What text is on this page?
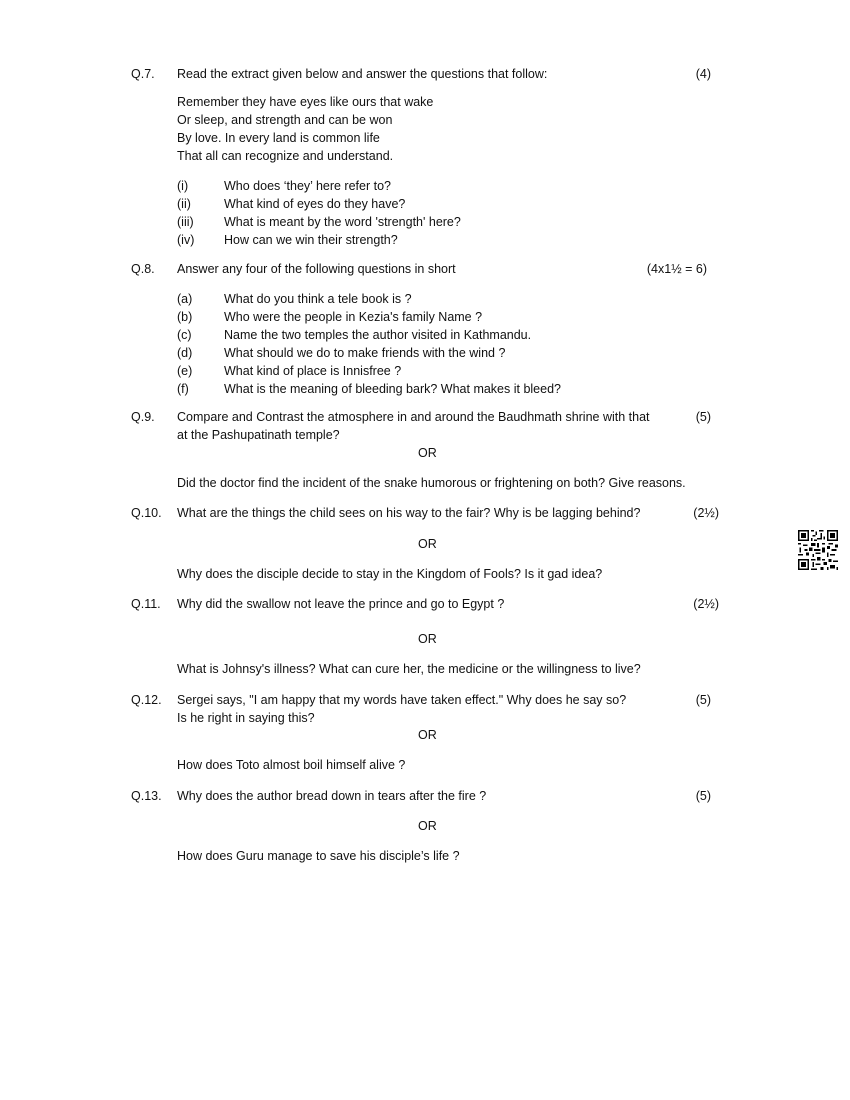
Q.7. Read the extract given below and answer the questions that follow:	(4)
Remember they have eyes like ours that wake
Or sleep, and strength and can be won
By love. In every land is common life
That all can recognize and understand.
(i)	Who does ‘they’ here refer to?
(ii)	What kind of eyes do they have?
(iii) What is meant by the word 'strength' here?
(iv) How can we win their strength?
Q.8. Answer any four of the following questions in short	(4x1½ = 6)
(a)	What do you think a tele book is ?
(b)	Who were the people in Kezia's family Name ?
(c)	Name the two temples the author visited in Kathmandu.
(d)	What should we do to make friends with the wind ?
(e)	What kind of place is Innisfree ?
(f)	What is the meaning of bleeding bark? What makes it bleed?
Q.9. Compare and Contrast the atmosphere in and around the Baudhmath shrine with that
at the Pashupatinath temple?
(5)
OR
Did the doctor find the incident of the snake humorous or frightening on both? Give reasons.
Q.10. What are the things the child sees on his way to the fair? Why is be lagging behind?	(2½)
OR
Why does the disciple decide to stay in the Kingdom of Fools? Is it gad idea?
Q.11. Why did the swallow not leave the prince and go to Egypt ?	(2½)
OR
What is Johnsy's illness? What can cure her, the medicine or the willingness to live?
Q.12. Sergei says, "I am happy that my words have taken effect." Why does he say so?
Is he right in saying this?
(5)
OR
How does Toto almost boil himself alive ?
Q.13. Why does the author bread down in tears after the fire ?	(5)
OR
How does Guru manage to save his disciple’s life ?
